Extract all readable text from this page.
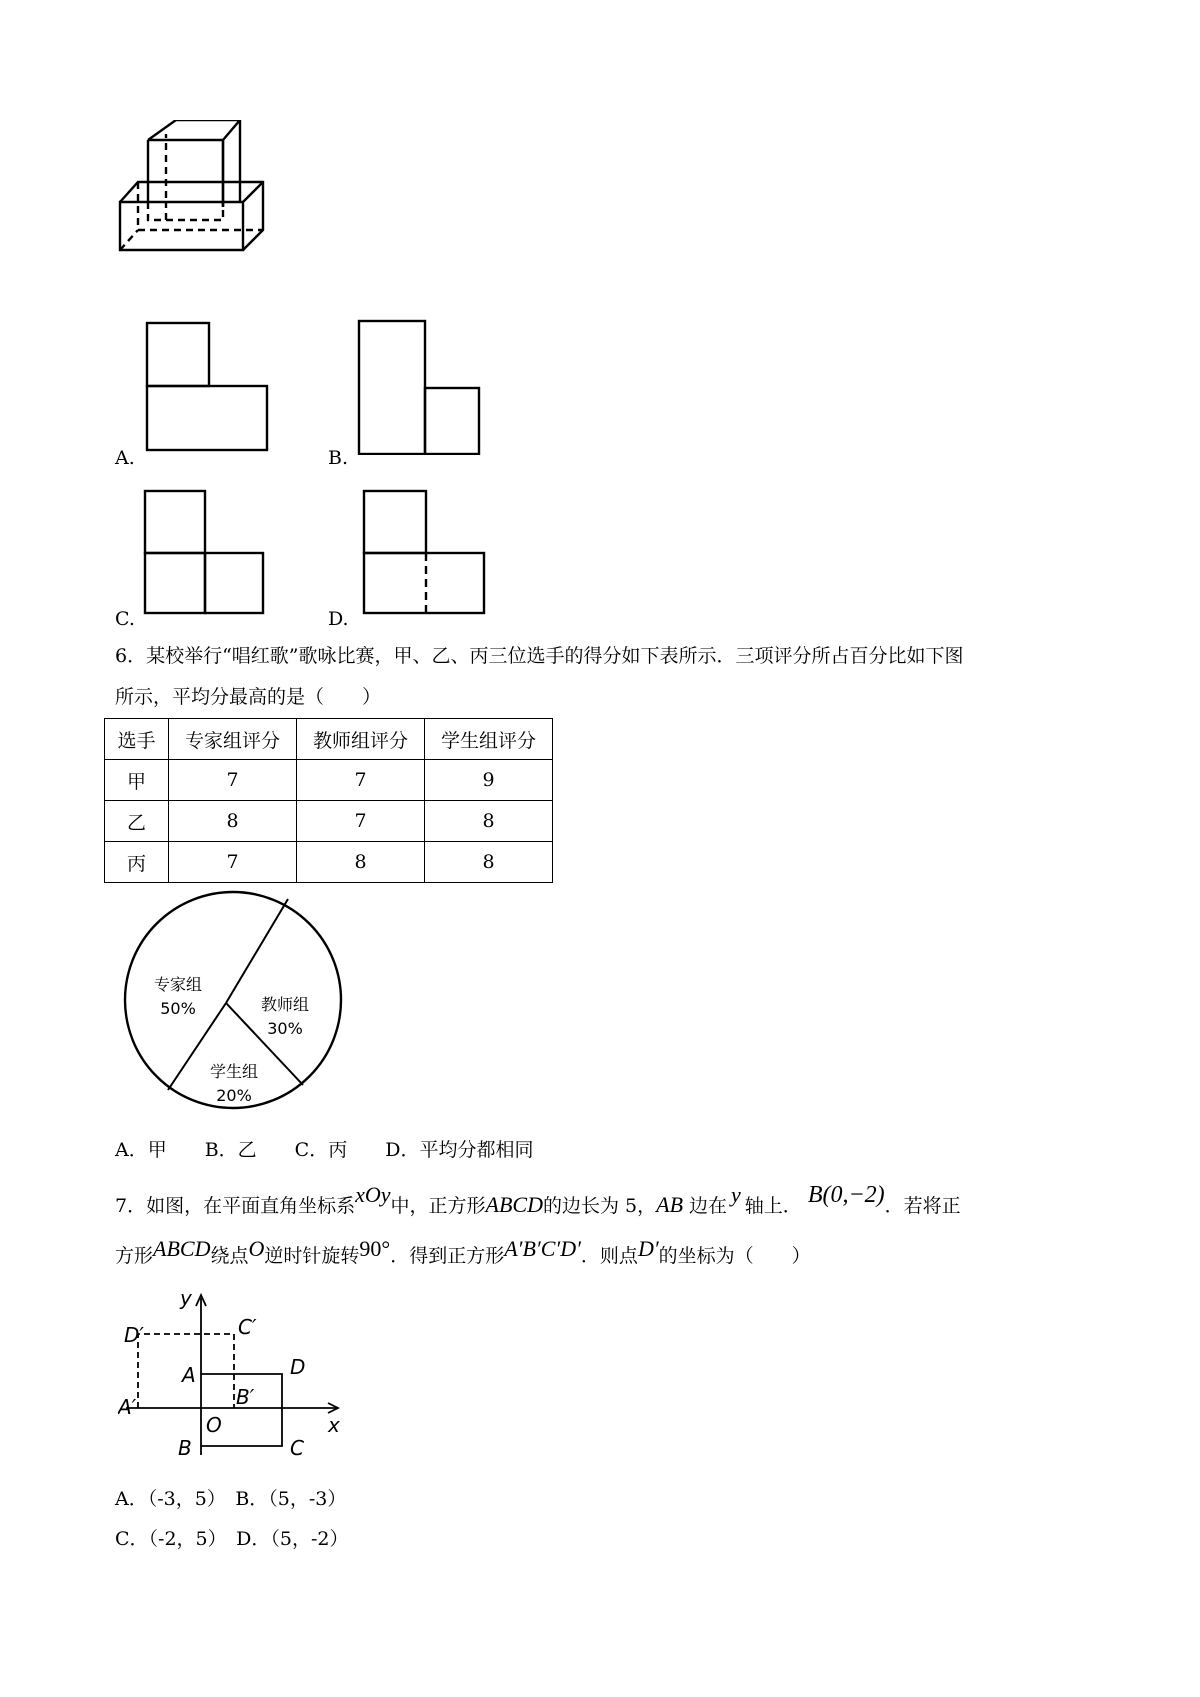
A.	B.
C.	D.
6．某校举行“唱红歌”歌咏比赛，甲、乙、丙三位选手的得分如下表所示．三项评分所占百分比如下图
所示，平均分最高的是（　　）
选手	专家组评分	教师组评分	学生组评分
甲	7	7	9
乙	8	7	8
丙	7	8	8
专家组
50%	教师组
30%
学生组
20%
A．甲　　B．乙　　C．丙　　D．平均分都相同
7．如图，在平面直角坐标系xOy中，正方形ABCD的边长为 5，AB 边在 y 轴上． B(0,−2)．若将正
方形ABCD绕点O逆时针旋转90°．得到正方形A′B′C′D′．则点D′的坐标为（　　）
y
x
O
A
B	C
D
A′	B′
C′
D′
A．（-3，5）　B．（5，-3）
C．（-2，5）　D．（5，-2）
